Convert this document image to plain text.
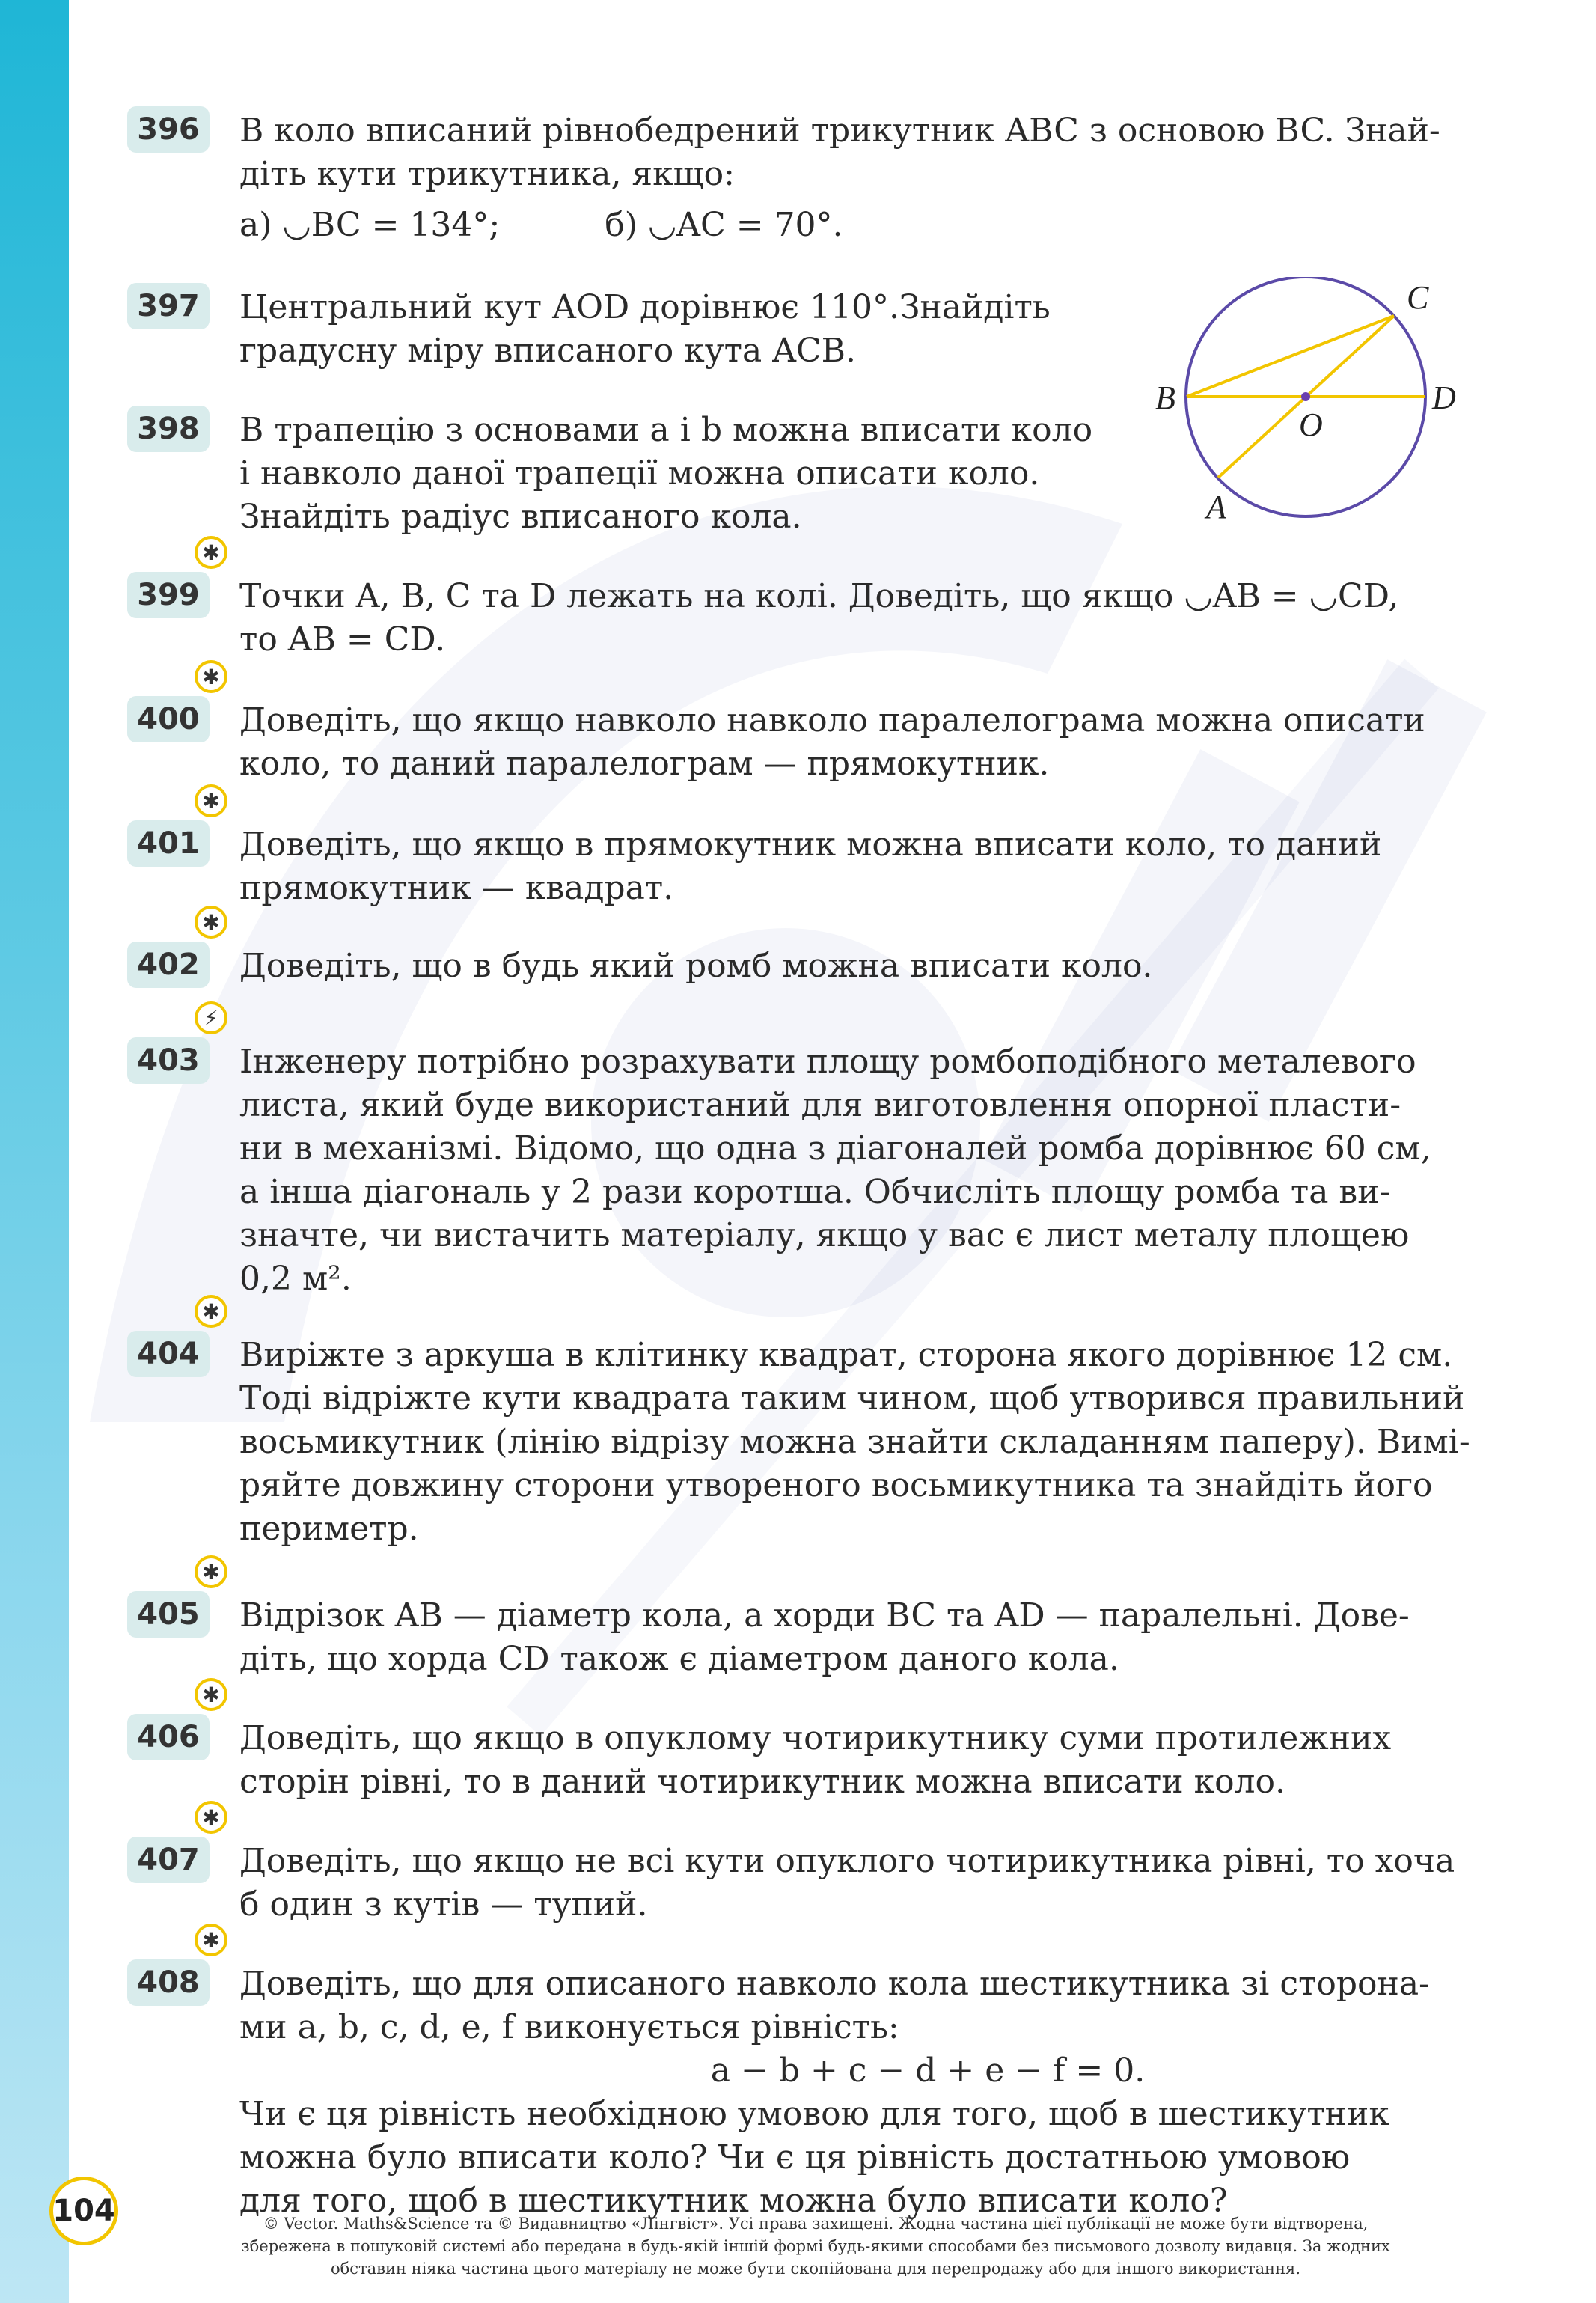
396	В коло вписаний рівнобедрений трикутник ABC з основою BC. Знай-

діть кути трикутника, якщо:

а) ◡BC = 134°;	б) ◡AC = 70°.
397	Центральний кут AOD дорівнює 110°.Знайдіть

градусну міру вписаного кута ACB.

398	В трапецію з основами a і b можна вписати коло

і навколо даної трапеції можна описати коло.

Знайдіть радіус вписаного кола.

C
B	D
O
A
399
✱

Точки A, B, C та D лежать на колі. Доведіть, що якщо ◡AB = ◡CD,

то AB = CD.

400
✱

Доведіть, що якщо навколо навколо паралелограма можна описати

коло, то даний паралелограм — прямокутник.

401
✱

Доведіть, що якщо в прямокутник можна вписати коло, то даний

прямокутник — квадрат.

402
✱

Доведіть, що в будь який ромб можна вписати коло.

403
⚡

Інженеру потрібно розрахувати площу ромбоподібного металевого

листа, який буде використаний для виготовлення опорної пласти-

ни в механізмі. Відомо, що одна з діагоналей ромба дорівнює 60 см,

а інша діагональ у 2 рази коротша. Обчисліть площу ромба та ви-

значте, чи вистачить матеріалу, якщо у вас є лист металу площею

0,2 м².

404
✱

Виріжте з аркуша в клітинку квадрат, сторона якого дорівнює 12 см.

Тоді відріжте кути квадрата таким чином, щоб утворився правильний

восьмикутник (лінію відрізу можна знайти складанням паперу). Вимі-

ряйте довжину сторони утвореного восьмикутника та знайдіть його

периметр.

405
✱

Відрізок AB — діаметр кола, а хорди BC та AD — паралельні. Дове-

діть, що хорда CD також є діаметром даного кола.

406
✱

Доведіть, що якщо в опуклому чотирикутнику суми протилежних

сторін рівні, то в даний чотирикутник можна вписати коло.

407
✱

Доведіть, що якщо не всі кути опуклого чотирикутника рівні, то хоча

б один з кутів — тупий.

408
✱

Доведіть, що для описаного навколо кола шестикутника зі сторона-

ми a, b, c, d, e, f виконується рівність:

a − b + c − d + e − f = 0.

Чи є ця рівність необхідною умовою для того, щоб в шестикутник

можна було вписати коло? Чи є ця рівність достатньою умовою

для того, щоб в шестикутник можна було вписати коло?

104	© Vector. Maths&Science та © Видавництво «Лінгвіст». Усі права захищені. Жодна частина цієї публікації не може бути відтворена,
збережена в пошуковій системі або передана в будь-якій іншій формі будь-якими способами без письмового дозволу видавця. За жодних
обставин ніяка частина цього матеріалу не може бути скопійована для перепродажу або для іншого використання.
